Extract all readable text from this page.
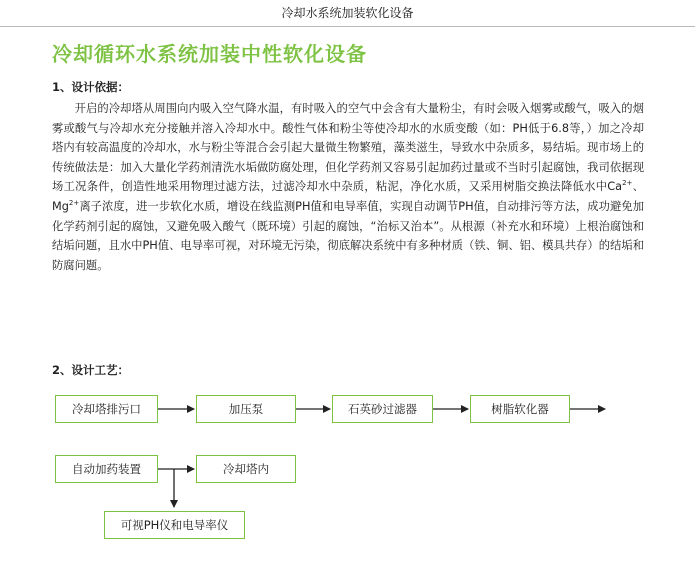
冷却水系统加装软化设备
冷却循环水系统加装中性软化设备
1、设计依据：

开启的冷却塔从周围向内吸入空气降水温，有时吸入的空气中会含有大量粉尘，有时会吸入烟雾或酸气，吸入的烟雾或酸气与冷却水充分接触并溶入冷却水中。酸性气体和粉尘等使冷却水的水质变酸（如：PH低于6.8等，）加之冷却塔内有较高温度的冷却水，水与粉尘等混合会引起大量微生物繁殖，藻类滋生，导致水中杂质多，易结垢。现市场上的传统做法是：加入大量化学药剂清洗水垢做防腐处理，但化学药剂又容易引起加药过量或不当时引起腐蚀，我司依据现场工况条件，创造性地采用物理过滤方法，过滤冷却水中杂质，粘泥，净化水质，又采用树脂交换法降低水中$Ca^{2+}$、$Mg^{2+}$离子浓度，进一步软化水质，增设在线监测PH值和电导率值，实现自动调节PH值，自动排污等方法，成功避免加化学药剂引起的腐蚀，又避免吸入酸气（既环境）引起的腐蚀，“治标又治本”。从根源（补充水和环境）上根治腐蚀和结垢问题，且水中PH值、电导率可视，对环境无污染，彻底解决系统中有多种材质（铁、铜、铝、模具共存）的结垢和防腐问题。

2、设计工艺：
冷却塔排污口	加压泵	石英砂过滤器	树脂软化器
自动加药装置	冷却塔内
可视PH仪和电导率仪
